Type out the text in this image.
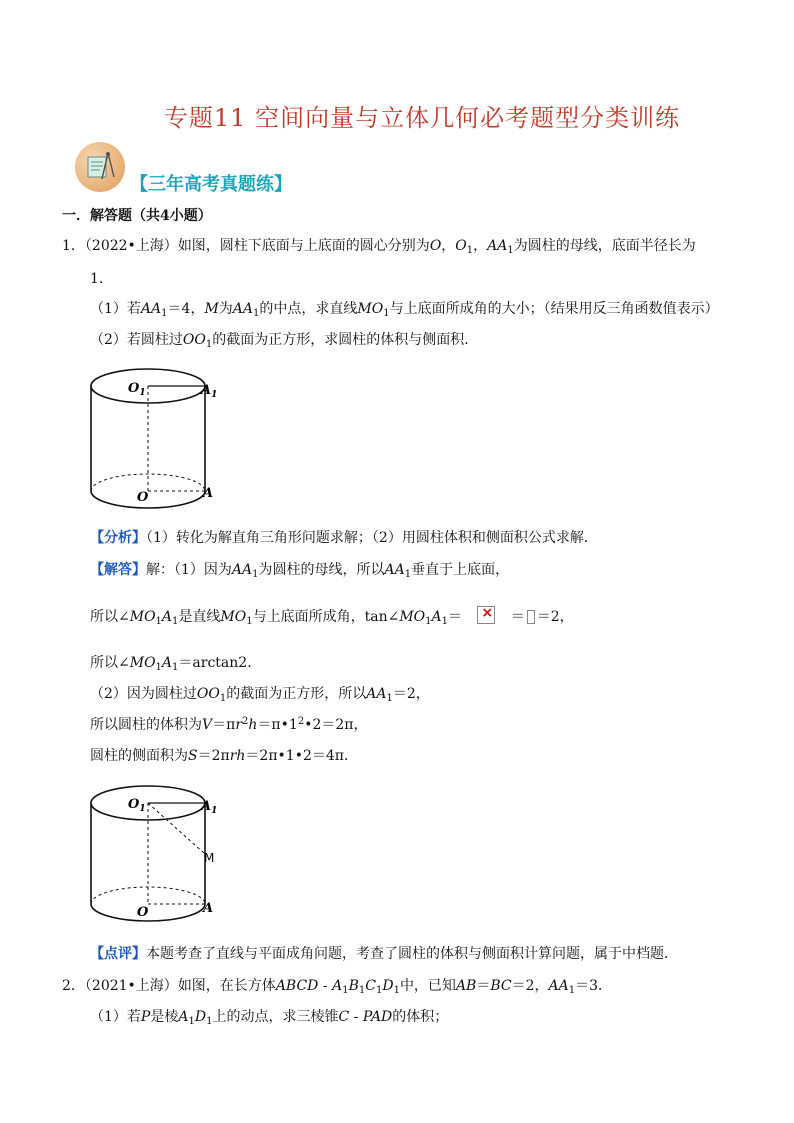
专题11 空间向量与立体几何必考题型分类训练
【三年高考真题练】
一．解答题（共4小题）
1．（2022•上海）如图，圆柱下底面与上底面的圆心分别为O，$O_1$，$AA_1$为圆柱的母线，底面半径长为
1．
（1）若$AA_1=4$，M为$AA_1$的中点，求直线$MO_1$与上底面所成角的大小；（结果用反三角函数值表示）
（2）若圆柱过$OO_1$的截面为正方形，求圆柱的体积与侧面积．
$O_1$	$A_1$
O	A
【分析】（1）转化为解直角三角形问题求解；（2）用圆柱体积和侧面积公式求解．
【解答】解：（1）因为$AA_1$为圆柱的母线，所以$AA_1$垂直于上底面，
所以$\angle MO_1A_1$是直线$MO_1$与上底面所成角，$\tan\angle MO_1A_1=$   ×	＝ ＝2，
所以$\angle MO_1A_1=\arctan 2$．
（2）因为圆柱过$OO_1$的截面为正方形，所以$AA_1=2$，
所以圆柱的体积为$V=\pi r^2h=\pi•1^2•2=2\pi$，
圆柱的侧面积为S＝2πrh＝2π•1•2＝4π．
$O_1$	$A_1$
M
O	A
【点评】本题考查了直线与平面成角问题，考查了圆柱的体积与侧面积计算问题，属于中档题．
2．（2021•上海）如图，在长方体ABCD - $A_1B_1C_1D_1$中，已知AB＝BC＝2，$AA_1=3$．
（1）若P是棱$A_1D_1$上的动点，求三棱锥C - PAD的体积；
